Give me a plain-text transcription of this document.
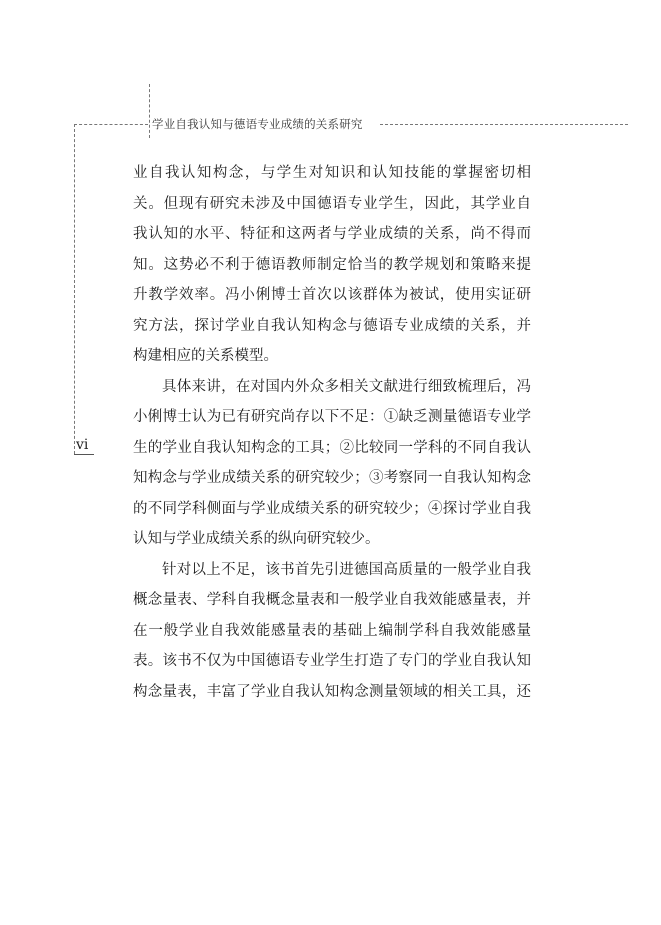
学业自我认知与德语专业成绩的关系研究
vi

业自我认知构念，与学生对知识和认知技能的掌握密切相
关。但现有研究未涉及中国德语专业学生，因此，其学业自
我认知的水平、特征和这两者与学业成绩的关系，尚不得而
知。这势必不利于德语教师制定恰当的教学规划和策略来提
升教学效率。冯小俐博士首次以该群体为被试，使用实证研
究方法，探讨学业自我认知构念与德语专业成绩的关系，并
构建相应的关系模型。

具体来讲，在对国内外众多相关文献进行细致梳理后，冯
小俐博士认为已有研究尚存以下不足：①缺乏测量德语专业学
生的学业自我认知构念的工具；②比较同一学科的不同自我认
知构念与学业成绩关系的研究较少；③考察同一自我认知构念
的不同学科侧面与学业成绩关系的研究较少；④探讨学业自我
认知与学业成绩关系的纵向研究较少。

针对以上不足，该书首先引进德国高质量的一般学业自我
概念量表、学科自我概念量表和一般学业自我效能感量表，并
在一般学业自我效能感量表的基础上编制学科自我效能感量
表。该书不仅为中国德语专业学生打造了专门的学业自我认知
构念量表，丰富了学业自我认知构念测量领域的相关工具，还
